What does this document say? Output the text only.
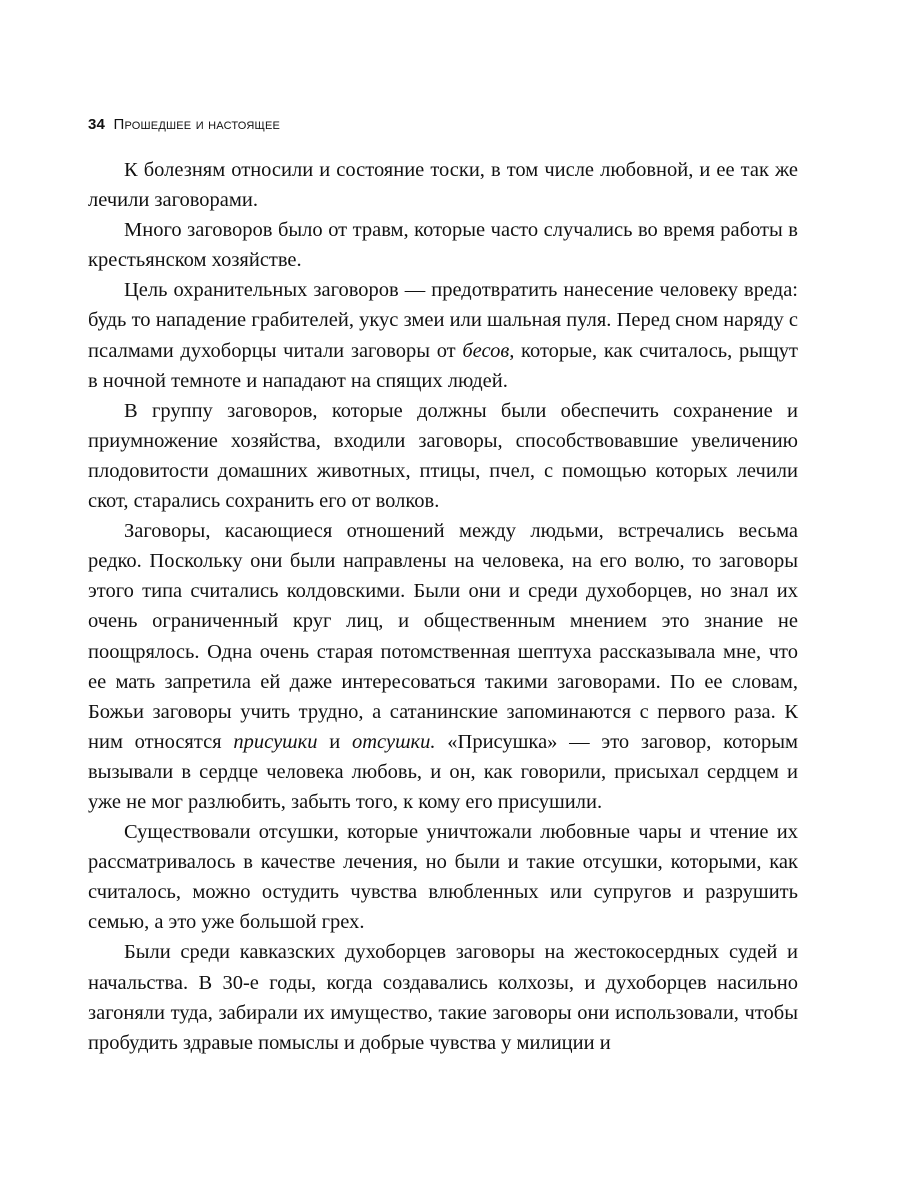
34 Прошедшее и настоящее

К болезням относили и состояние тоски, в том числе любовной, и ее так же лечили заговорами.

Много заговоров было от травм, которые часто случались во время работы в крестьянском хозяйстве.

Цель охранительных заговоров — предотвратить нанесение человеку вреда: будь то нападение грабителей, укус змеи или шальная пуля. Перед сном наряду с псалмами духоборцы читали заговоры от бесов, которые, как считалось, рыщут в ночной темноте и нападают на спящих людей.

В группу заговоров, которые должны были обеспечить сохранение и приумножение хозяйства, входили заговоры, способствовавшие увеличению плодовитости домашних животных, птицы, пчел, с помощью которых лечили скот, старались сохранить его от волков.

Заговоры, касающиеся отношений между людьми, встречались весьма редко. Поскольку они были направлены на человека, на его волю, то заговоры этого типа считались колдовскими. Были они и среди духоборцев, но знал их очень ограниченный круг лиц, и общественным мнением это знание не поощрялось. Одна очень старая потомственная шептуха рассказывала мне, что ее мать запретила ей даже интересоваться такими заговорами. По ее словам, Божьи заговоры учить трудно, а сатанинские запоминаются с первого раза. К ним относятся присушки и отсушки. «Присушка» — это заговор, которым вызывали в сердце человека любовь, и он, как говорили, присыхал сердцем и уже не мог разлюбить, забыть того, к кому его присушили.

Существовали отсушки, которые уничтожали любовные чары и чтение их рассматривалось в качестве лечения, но были и такие отсушки, которыми, как считалось, можно остудить чувства влюбленных или супругов и разрушить семью, а это уже большой грех.

Были среди кавказских духоборцев заговоры на жестокосердных судей и начальства. В 30-е годы, когда создавались колхозы, и духоборцев насильно загоняли туда, забирали их имущество, такие заговоры они использовали, чтобы пробудить здравые помыслы и добрые чувства у милиции и
